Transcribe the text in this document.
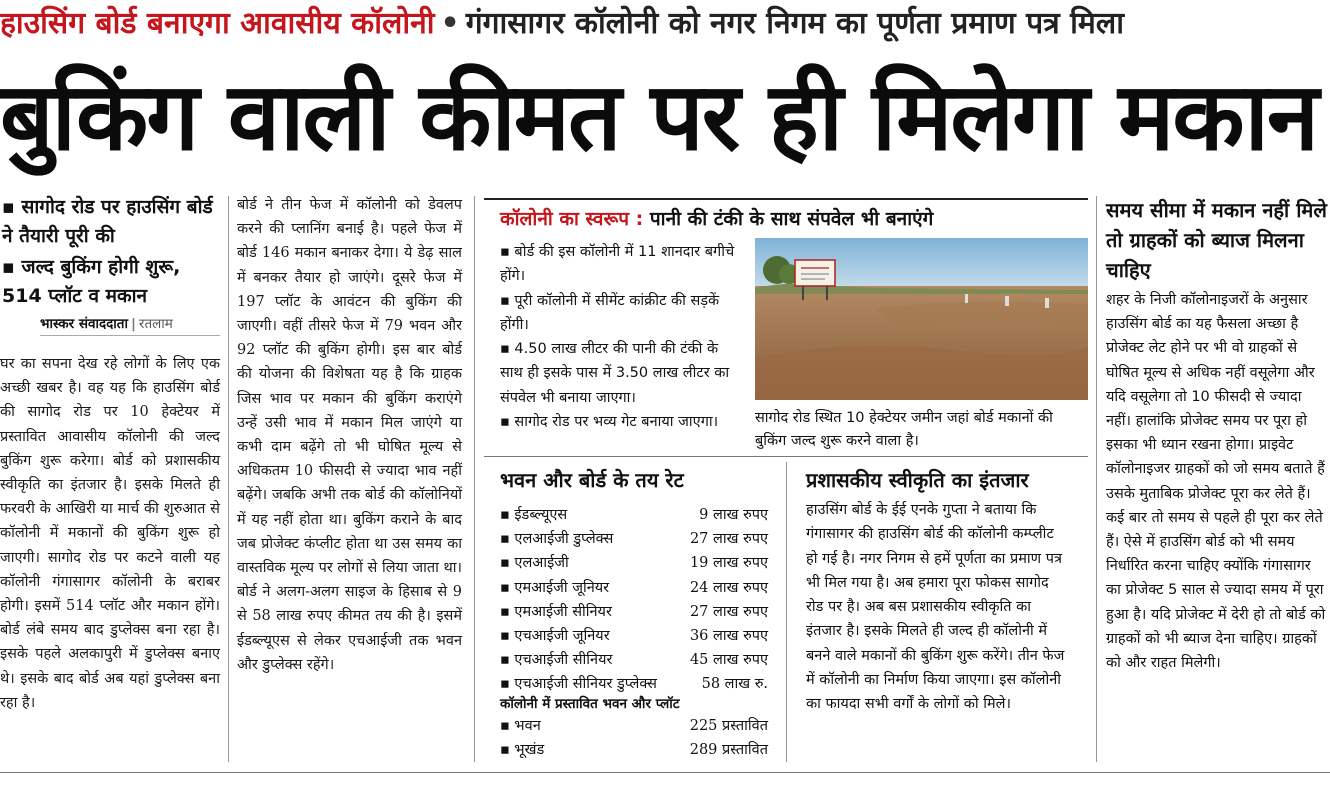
हाउसिंग बोर्ड बनाएगा आवासीय कॉलोनी • गंगासागर कॉलोनी को नगर निगम का पूर्णता प्रमाण पत्र मिला
बुकिंग वाली कीमत पर ही मिलेगा मकान
▪ सागोद रोड पर हाउसिंग बोर्ड ने तैयारी पूरी की
▪ जल्द बुकिंग होगी शुरू, 514 प्लॉट व मकान
भास्कर संवाददाता | रतलाम

घर का सपना देख रहे लोगों के लिए एक अच्छी खबर है। वह यह कि हाउसिंग बोर्ड की सागोद रोड पर 10 हेक्टेयर में प्रस्तावित आवासीय कॉलोनी की जल्द बुकिंग शुरू करेगा। बोर्ड को प्रशासकीय स्वीकृति का इंतजार है। इसके मिलते ही फरवरी के आखिरी या मार्च की शुरुआत से कॉलोनी में मकानों की बुकिंग शुरू हो जाएगी। सागोद रोड पर कटने वाली यह कॉलोनी गंगासागर कॉलोनी के बराबर होगी। इसमें 514 प्लॉट और मकान होंगे। बोर्ड लंबे समय बाद डुप्लेक्स बना रहा है। इसके पहले अलकापुरी में डुप्लेक्स बनाए थे। इसके बाद बोर्ड अब यहां डुप्लेक्स बना रहा है।

बोर्ड ने तीन फेज में कॉलोनी को डेवलप करने की प्लानिंग बनाई है। पहले फेज में बोर्ड 146 मकान बनाकर देगा। ये डेढ़ साल में बनकर तैयार हो जाएंगे। दूसरे फेज में 197 प्लॉट के आवंटन की बुकिंग की जाएगी। वहीं तीसरे फेज में 79 भवन और 92 प्लॉट की बुकिंग होगी। इस बार बोर्ड की योजना की विशेषता यह है कि ग्राहक जिस भाव पर मकान की बुकिंग कराएंगे उन्हें उसी भाव में मकान मिल जाएंगे या कभी दाम बढ़ेंगे तो भी घोषित मूल्य से अधिकतम 10 फीसदी से ज्यादा भाव नहीं बढ़ेंगे। जबकि अभी तक बोर्ड की कॉलोनियों में यह नहीं होता था। बुकिंग कराने के बाद जब प्रोजेक्ट कंप्लीट होता था उस समय का वास्तविक मूल्य पर लोगों से लिया जाता था। बोर्ड ने अलग-अलग साइज के हिसाब से 9 से 58 लाख रुपए कीमत तय की है। इसमें ईडब्ल्यूएस से लेकर एचआईजी तक भवन और डुप्लेक्स रहेंगे।

कॉलोनी का स्वरूप : पानी की टंकी के साथ संपवेल भी बनाएंगे
▪ बोर्ड की इस कॉलोनी में 11 शानदार बगीचे होंगे।
▪ पूरी कॉलोनी में सीमेंट कांक्रीट की सड़कें होंगी।
▪ 4.50 लाख लीटर की पानी की टंकी के साथ ही इसके पास में 3.50 लाख लीटर का संपवेल भी बनाया जाएगा।
▪ सागोद रोड पर भव्य गेट बनाया जाएगा।	सागोद रोड स्थित 10 हेक्टेयर जमीन जहां बोर्ड मकानों की बुकिंग जल्द शुरू करने वाला है।
भवन और बोर्ड के तय रेट
▪ ईडब्ल्यूएस	9 लाख रुपए
▪ एलआईजी डुप्लेक्स	27 लाख रुपए
▪ एलआईजी	19 लाख रुपए
▪ एमआईजी जूनियर	24 लाख रुपए
▪ एमआईजी सीनियर	27 लाख रुपए
▪ एचआईजी जूनियर	36 लाख रुपए
▪ एचआईजी सीनियर	45 लाख रुपए
▪ एचआईजी सीनियर डुप्लेक्स	58 लाख रु.
कॉलोनी में प्रस्तावित भवन और प्लॉट
▪ भवन	225 प्रस्तावित
▪ भूखंड	289 प्रस्तावित
प्रशासकीय स्वीकृति का इंतजार
हाउसिंग बोर्ड के ईई एनके गुप्ता ने बताया कि गंगासागर की हाउसिंग बोर्ड की कॉलोनी कम्प्लीट हो गई है। नगर निगम से हमें पूर्णता का प्रमाण पत्र भी मिल गया है। अब हमारा पूरा फोकस सागोद रोड पर है। अब बस प्रशासकीय स्वीकृति का इंतजार है। इसके मिलते ही जल्द ही कॉलोनी में बनने वाले मकानों की बुकिंग शुरू करेंगे। तीन फेज में कॉलोनी का निर्माण किया जाएगा। इस कॉलोनी का फायदा सभी वर्गों के लोगों को मिले।
समय सीमा में मकान नहीं मिले तो ग्राहकों को ब्याज मिलना चाहिए
शहर के निजी कॉलोनाइजरों के अनुसार हाउसिंग बोर्ड का यह फैसला अच्छा है प्रोजेक्ट लेट होने पर भी वो ग्राहकों से घोषित मूल्य से अधिक नहीं वसूलेगा और यदि वसूलेगा तो 10 फीसदी से ज्यादा नहीं। हालांकि प्रोजेक्ट समय पर पूरा हो इसका भी ध्यान रखना होगा। प्राइवेट कॉलोनाइजर ग्राहकों को जो समय बताते हैं उसके मुताबिक प्रोजेक्ट पूरा कर लेते हैं। कई बार तो समय से पहले ही पूरा कर लेते हैं। ऐसे में हाउसिंग बोर्ड को भी समय निर्धारित करना चाहिए क्योंकि गंगासागर का प्रोजेक्ट 5 साल से ज्यादा समय में पूरा हुआ है। यदि प्रोजेक्ट में देरी हो तो बोर्ड को ग्राहकों को भी ब्याज देना चाहिए। ग्राहकों को और राहत मिलेगी।
